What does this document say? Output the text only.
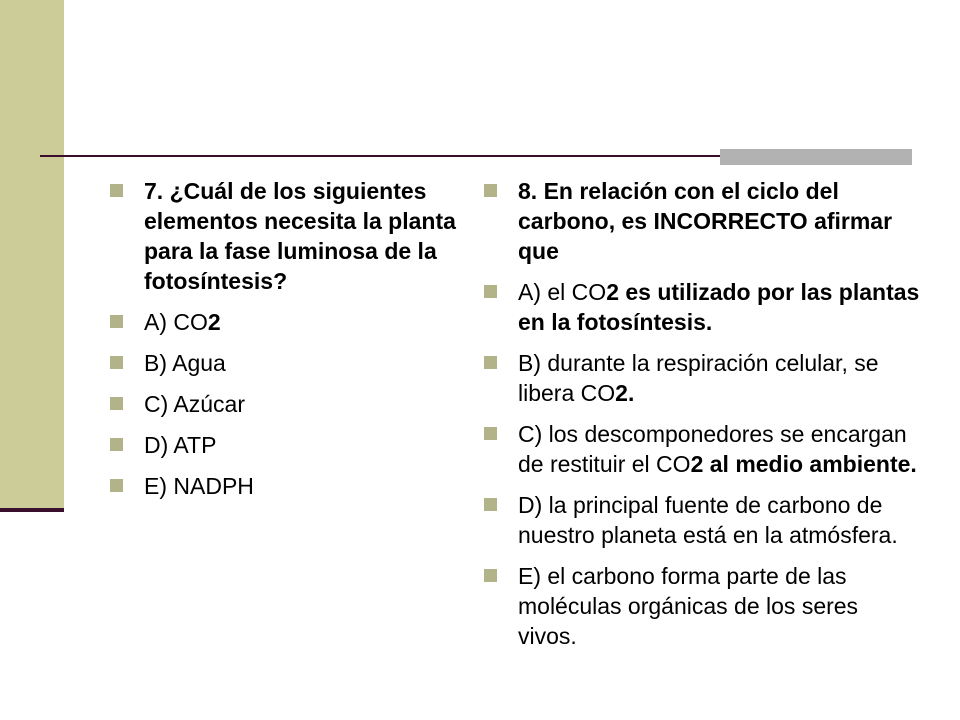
7. ¿Cuál de los siguientes elementos necesita la planta para la fase luminosa de la fotosíntesis?
A) CO2
B) Agua
C) Azúcar
D) ATP
E) NADPH
8. En relación con el ciclo del carbono, es INCORRECTO afirmar que
A) el CO2 es utilizado por las plantas en la fotosíntesis.
B) durante la respiración celular, se libera CO2.
C) los descomponedores se encargan de restituir el CO2 al medio ambiente.
D) la principal fuente de carbono de nuestro planeta está en la atmósfera.
E) el carbono forma parte de las moléculas orgánicas de los seres vivos.
